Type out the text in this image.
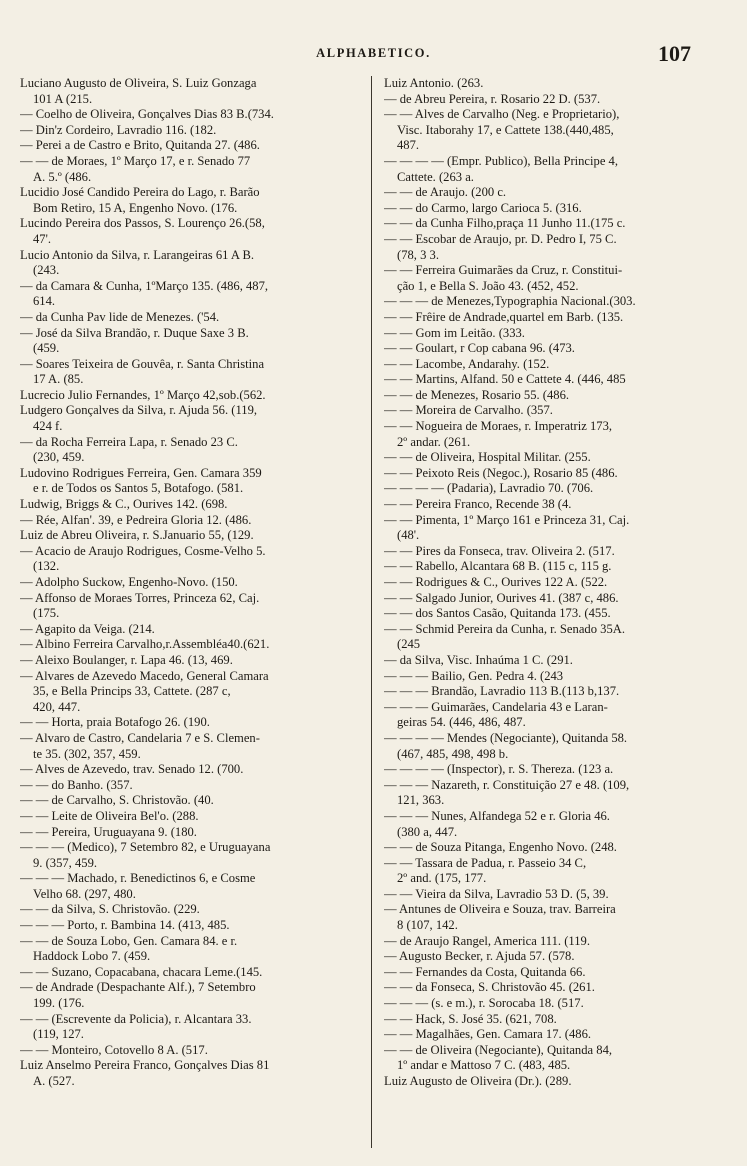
ALPHABETICO.	107
Luciano Augusto de Oliveira, S. Luiz Gonzaga
101 A (215.
— Coelho de Oliveira, Gonçalves Dias 83 B.(734.
— Din'z Cordeiro, Lavradio 116. (182.
— Perei a de Castro e Brito, Quitanda 27. (486.
— — de Moraes, 1º Março 17, e r. Senado 77
A. 5.º (486.
Lucidio José Candido Pereira do Lago, r. Barão
Bom Retiro, 15 A, Engenho Novo. (176.
Lucindo Pereira dos Passos, S. Lourenço 26.(58,
47'.
Lucio Antonio da Silva, r. Larangeiras 61 A B.
(243.
— da Camara & Cunha, 1ºMarço 135. (486, 487,
614.
— da Cunha Pav lide de Menezes. ('54.
— José da Silva Brandão, r. Duque Saxe 3 B.
(459.
— Soares Teixeira de Gouvêa, r. Santa Christina
17 A. (85.
Lucrecio Julio Fernandes, 1º Março 42,sob.(562.
Ludgero Gonçalves da Silva, r. Ajuda 56. (119,
424 f.
— da Rocha Ferreira Lapa, r. Senado 23 C.
(230, 459.
Ludovino Rodrigues Ferreira, Gen. Camara 359
e r. de Todos os Santos 5, Botafogo. (581.
Ludwig, Briggs & C., Ourives 142. (698.
— Rée, Alfan'. 39, e Pedreira Gloria 12. (486.
Luiz de Abreu Oliveira, r. S.Januario 55, (129.
— Acacio de Araujo Rodrigues, Cosme-Velho 5.
(132.
— Adolpho Suckow, Engenho-Novo. (150.
— Affonso de Moraes Torres, Princeza 62, Caj.
(175.
— Agapito da Veiga. (214.
— Albino Ferreira Carvalho,r.Assembléa40.(621.
— Aleixo Boulanger, r. Lapa 46. (13, 469.
— Alvares de Azevedo Macedo, General Camara
35, e Bella Princips 33, Cattete. (287 c,
420, 447.
— — Horta, praia Botafogo 26. (190.
— Alvaro de Castro, Candelaria 7 e S. Clemen-
te 35. (302, 357, 459.
— Alves de Azevedo, trav. Senado 12. (700.
— — do Banho. (357.
— — de Carvalho, S. Christovão. (40.
— — Leite de Oliveira Bel'o. (288.
— — Pereira, Uruguayana 9. (180.
— — — (Medico), 7 Setembro 82, e Uruguayana
9. (357, 459.
— — — Machado, r. Benedictinos 6, e Cosme
Velho 68. (297, 480.
— — da Silva, S. Christovão. (229.
— — — Porto, r. Bambina 14. (413, 485.
— — de Souza Lobo, Gen. Camara 84. e r.
Haddock Lobo 7. (459.
— — Suzano, Copacabana, chacara Leme.(145.
— de Andrade (Despachante Alf.), 7 Setembro
199. (176.
— — (Escrevente da Policia), r. Alcantara 33.
(119, 127.
— — Monteiro, Cotovello 8 A. (517.
Luiz Anselmo Pereira Franco, Gonçalves Dias 81
A. (527.
Luiz Antonio. (263.
— de Abreu Pereira, r. Rosario 22 D. (537.
— — Alves de Carvalho (Neg. e Proprietario),
Visc. Itaborahy 17, e Cattete 138.(440,485,
487.
— — — — (Empr. Publico), Bella Principe 4,
Cattete. (263 a.
— — de Araujo. (200 c.
— — do Carmo, largo Carioca 5. (316.
— — da Cunha Filho,praça 11 Junho 11.(175 c.
— — Escobar de Araujo, pr. D. Pedro I, 75 C.
(78, 3 3.
— — Ferreira Guimarães da Cruz, r. Constitui-
ção 1, e Bella S. João 43. (452, 452.
— — — de Menezes,Typographia Nacional.(303.
— — Frêire de Andrade,quartel em Barb. (135.
— — Gom im Leitão. (333.
— — Goulart, r Cop cabana 96. (473.
— — Lacombe, Andarahy. (152.
— — Martins, Alfand. 50 e Cattete 4. (446, 485
— — de Menezes, Rosario 55. (486.
— — Moreira de Carvalho. (357.
— — Nogueira de Moraes, r. Imperatriz 173,
2º andar. (261.
— — de Oliveira, Hospital Militar. (255.
— — Peixoto Reis (Negoc.), Rosario 85 (486.
— — — — (Padaria), Lavradio 70. (706.
— — Pereira Franco, Recende 38 (4.
— — Pimenta, 1º Março 161 e Princeza 31, Caj.
(48'.
— — Pires da Fonseca, trav. Oliveira 2. (517.
— — Rabello, Alcantara 68 B. (115 c, 115 g.
— — Rodrigues & C., Ourives 122 A. (522.
— — Salgado Junior, Ourives 41. (387 c, 486.
— — dos Santos Casão, Quitanda 173. (455.
— — Schmid Pereira da Cunha, r. Senado 35A.
(245
— da Silva, Visc. Inhaúma 1 C. (291.
— — — Bailio, Gen. Pedra 4. (243
— — — Brandão, Lavradio 113 B.(113 b,137.
— — — Guimarães, Candelaria 43 e Laran-
geiras 54. (446, 486, 487.
— — — — Mendes (Negociante), Quitanda 58.
(467, 485, 498, 498 b.
— — — — (Inspector), r. S. Thereza. (123 a.
— — — Nazareth, r. Constituição 27 e 48. (109,
121, 363.
— — — Nunes, Alfandega 52 e r. Gloria 46.
(380 a, 447.
— — de Souza Pitanga, Engenho Novo. (248.
— — Tassara de Padua, r. Passeio 34 C,
2º and. (175, 177.
— — Vieira da Silva, Lavradio 53 D. (5, 39.
— Antunes de Oliveira e Souza, trav. Barreira
8 (107, 142.
— de Araujo Rangel, America 111. (119.
— Augusto Becker, r. Ajuda 57. (578.
— — Fernandes da Costa, Quitanda 66.
— — da Fonseca, S. Christovão 45. (261.
— — — (s. e m.), r. Sorocaba 18. (517.
— — Hack, S. José 35. (621, 708.
— — Magalhães, Gen. Camara 17. (486.
— — de Oliveira (Negociante), Quitanda 84,
1º andar e Mattoso 7 C. (483, 485.
Luiz Augusto de Oliveira (Dr.). (289.
